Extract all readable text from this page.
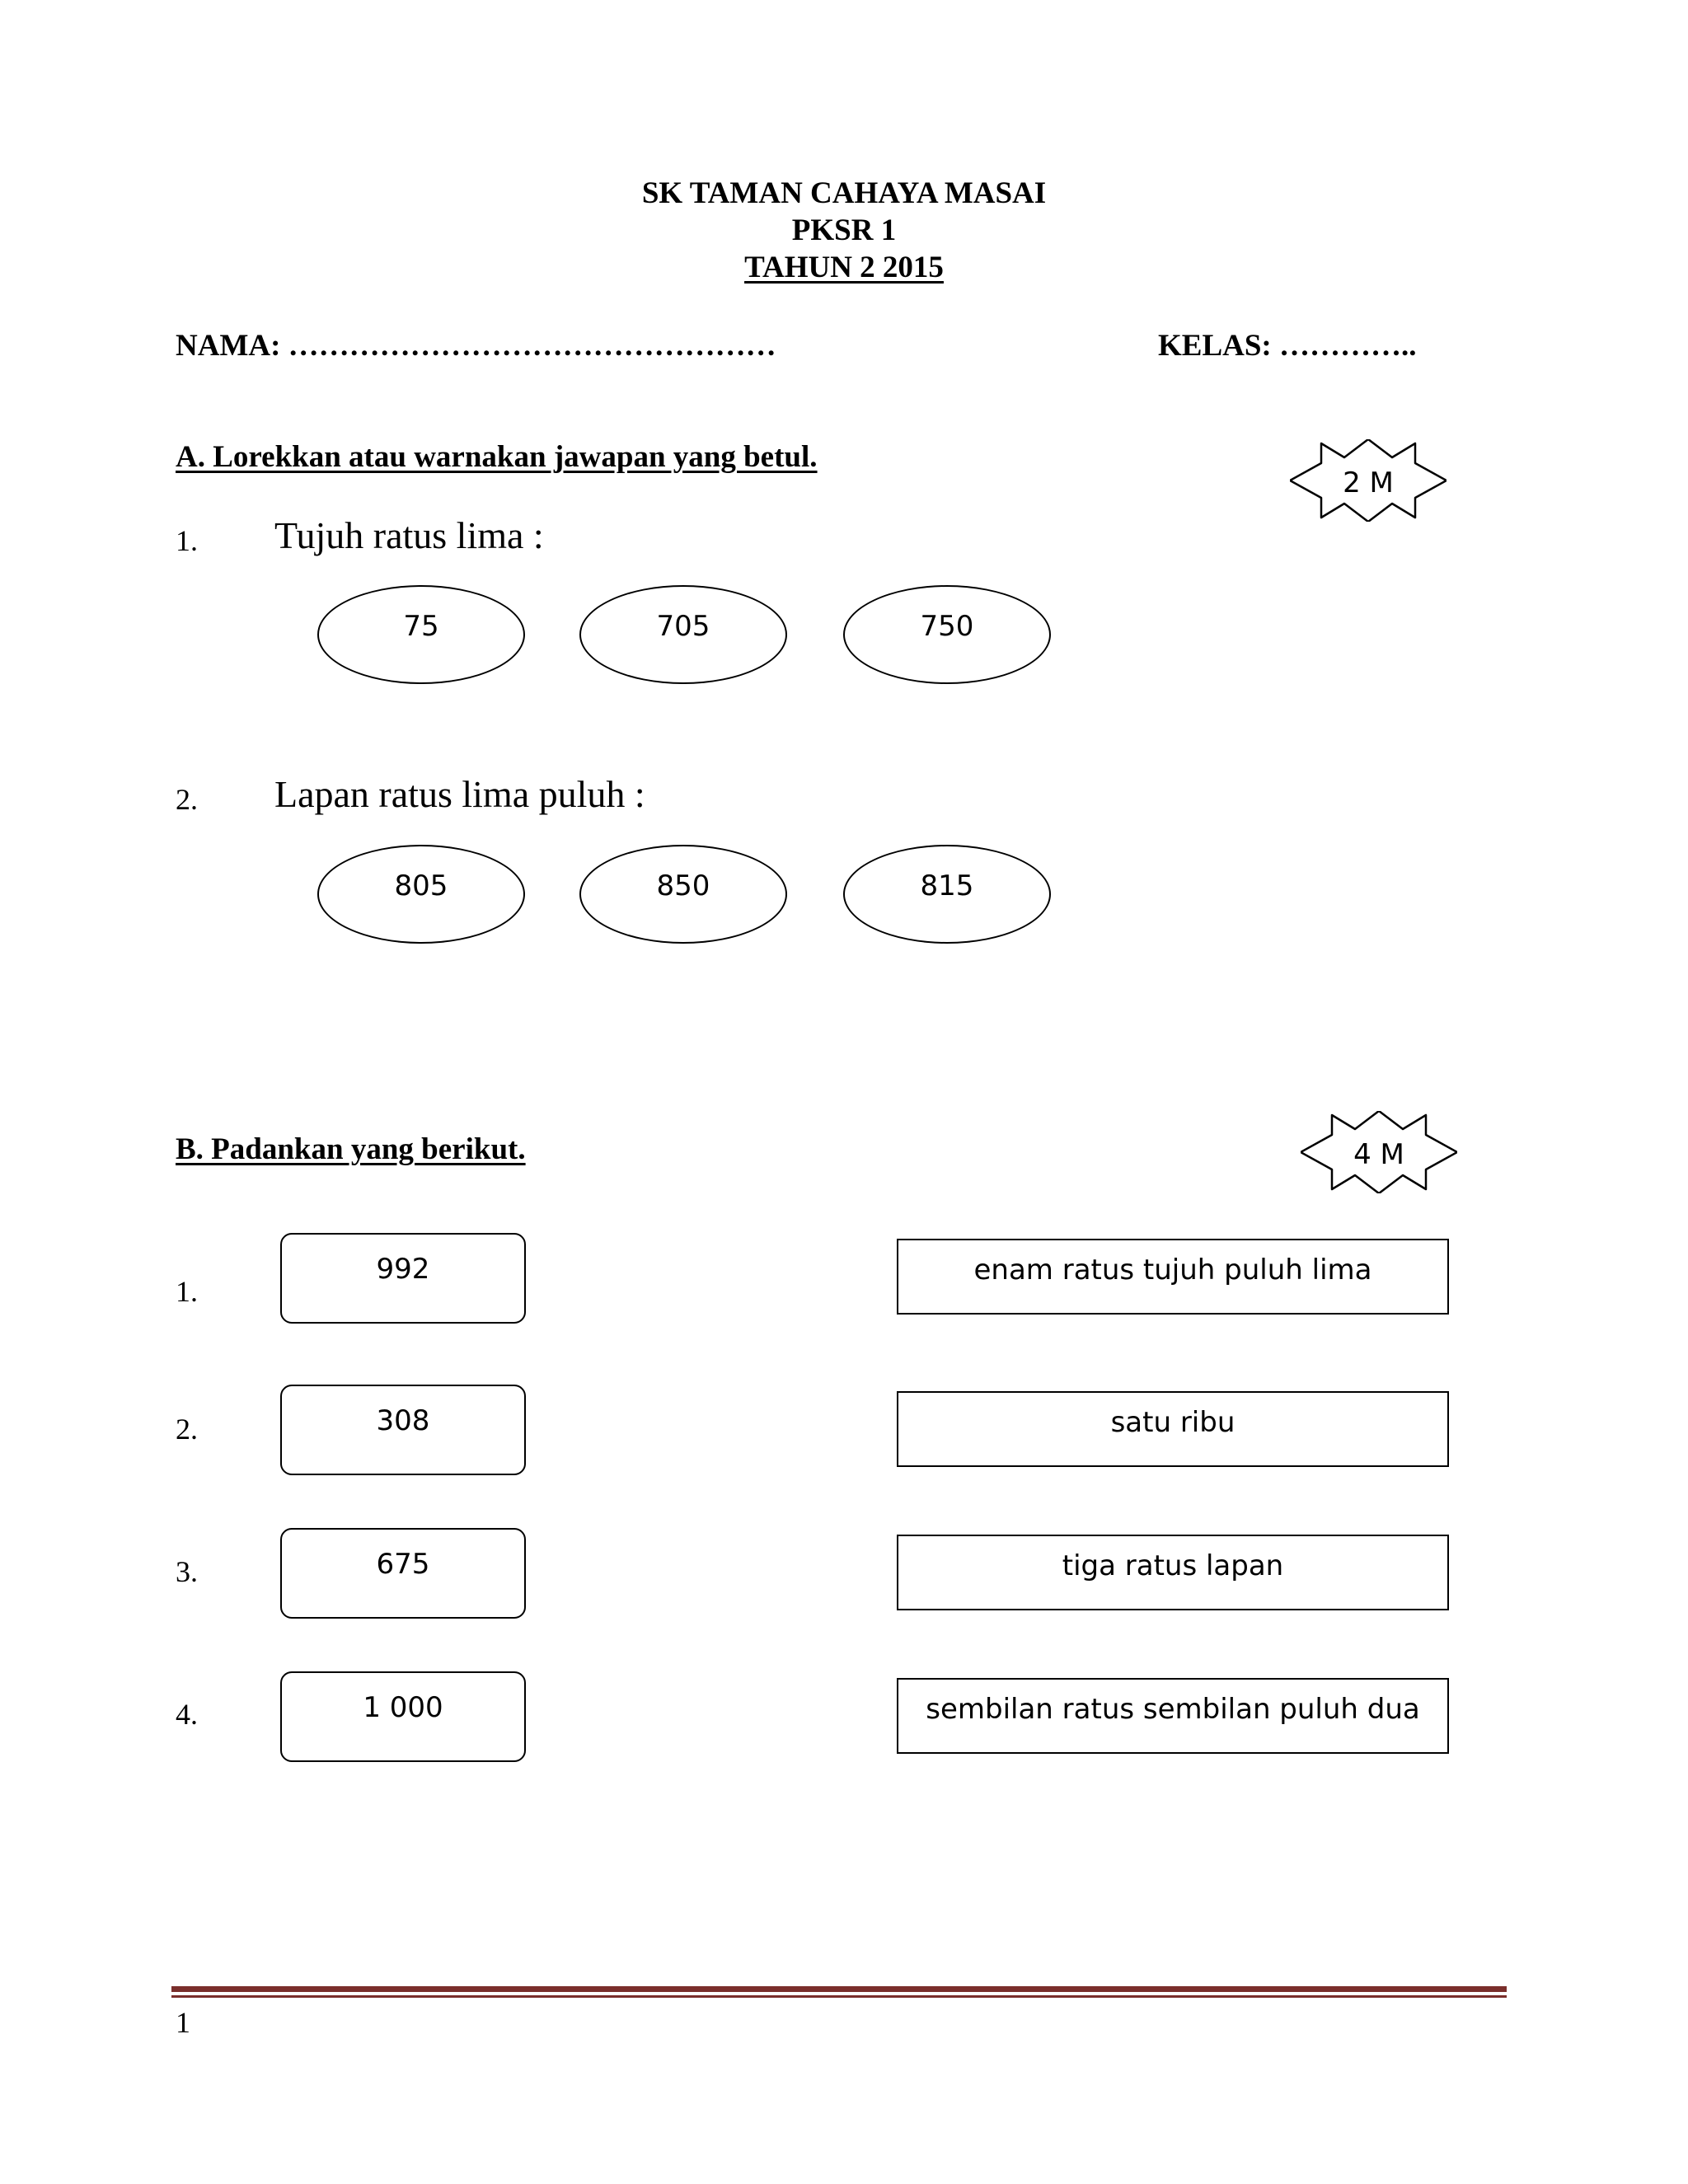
SK TAMAN CAHAYA MASAI
PKSR 1
TAHUN 2 2015
NAMA: …………………………………………	KELAS: …………..
A. Lorekkan atau warnakan jawapan yang betul.
2 M
1. Tujuh ratus lima :
75	705	750
2. Lapan ratus lima puluh :
805	850	815
B. Padankan yang berikut.	4 M
1.
992	enam ratus tujuh puluh lima
2.	308	satu ribu
3.	675	tiga ratus lapan
4.	1 000	sembilan ratus sembilan puluh dua
1
